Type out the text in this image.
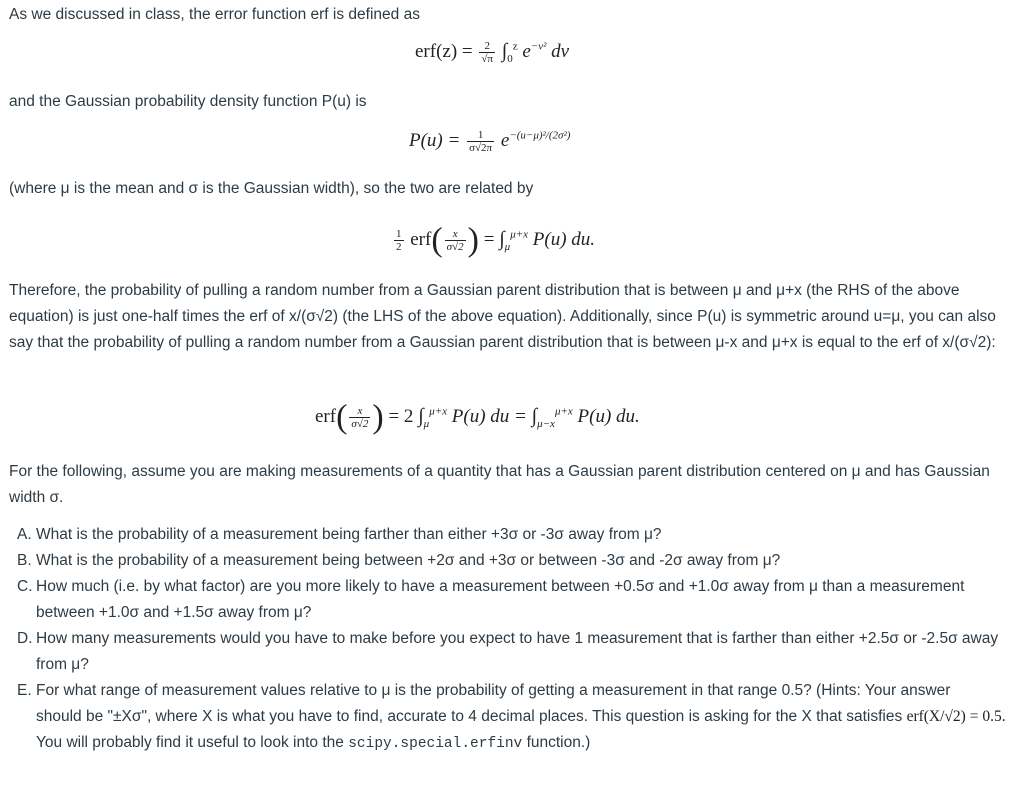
As we discussed in class, the error function erf is defined as

$erf(z) = \frac{2}{√\pi} \int_0^z$ $e^{-v^2}$ dv

and the Gaussian probability density function P(u) is

$P(u) = \frac{1}{\sigma√2\pi} e^{-(u-\mu)^2/(2\sigma^2)}$

(where μ is the mean and σ is the Gaussian width), so the two are related by

$\frac{1}{2} erf( \frac{x}{\sigma√2}$ ) = $\int_\mu^{\mu+x}$ P(u) du.

Therefore, the probability of pulling a random number from a Gaussian parent distribution that is between μ and μ+x (the RHS of the above equation) is just one-half times the erf of x/(σ√2) (the LHS of the above equation). Additionally, since P(u) is symmetric around u=μ, you can also say that the probability of pulling a random number from a Gaussian parent distribution that is between μ-x and μ+x is equal to the erf of x/(σ√2):

$erf( \frac{x}{\sigma√2}$ ) = 2 $\int_\mu^{\mu+x}$ P(u) du = $\int_{\mu-x}^{\mu+x}$ P(u) du.

For the following, assume you are making measurements of a quantity that has a Gaussian parent distribution centered on μ and has Gaussian width σ.

A. What is the probability of a measurement being farther than either +3σ or -3σ away from μ?
B. What is the probability of a measurement being between +2σ and +3σ or between -3σ and -2σ away from μ?
C. How much (i.e. by what factor) are you more likely to have a measurement between +0.5σ and +1.0σ away from μ than a measurement between +1.0σ and +1.5σ away from μ?
D. How many measurements would you have to make before you expect to have 1 measurement that is farther than either +2.5σ or -2.5σ away from μ?
E. For what range of measurement values relative to μ is the probability of getting a measurement in that range 0.5? (Hints: Your answer
should be "±Xσ", where X is what you have to find, accurate to 4 decimal places. This question is asking for the X that satisfies erf(X/√2) = 0.5. You will probably find it useful to look into the scipy.special.erfinv function.)
